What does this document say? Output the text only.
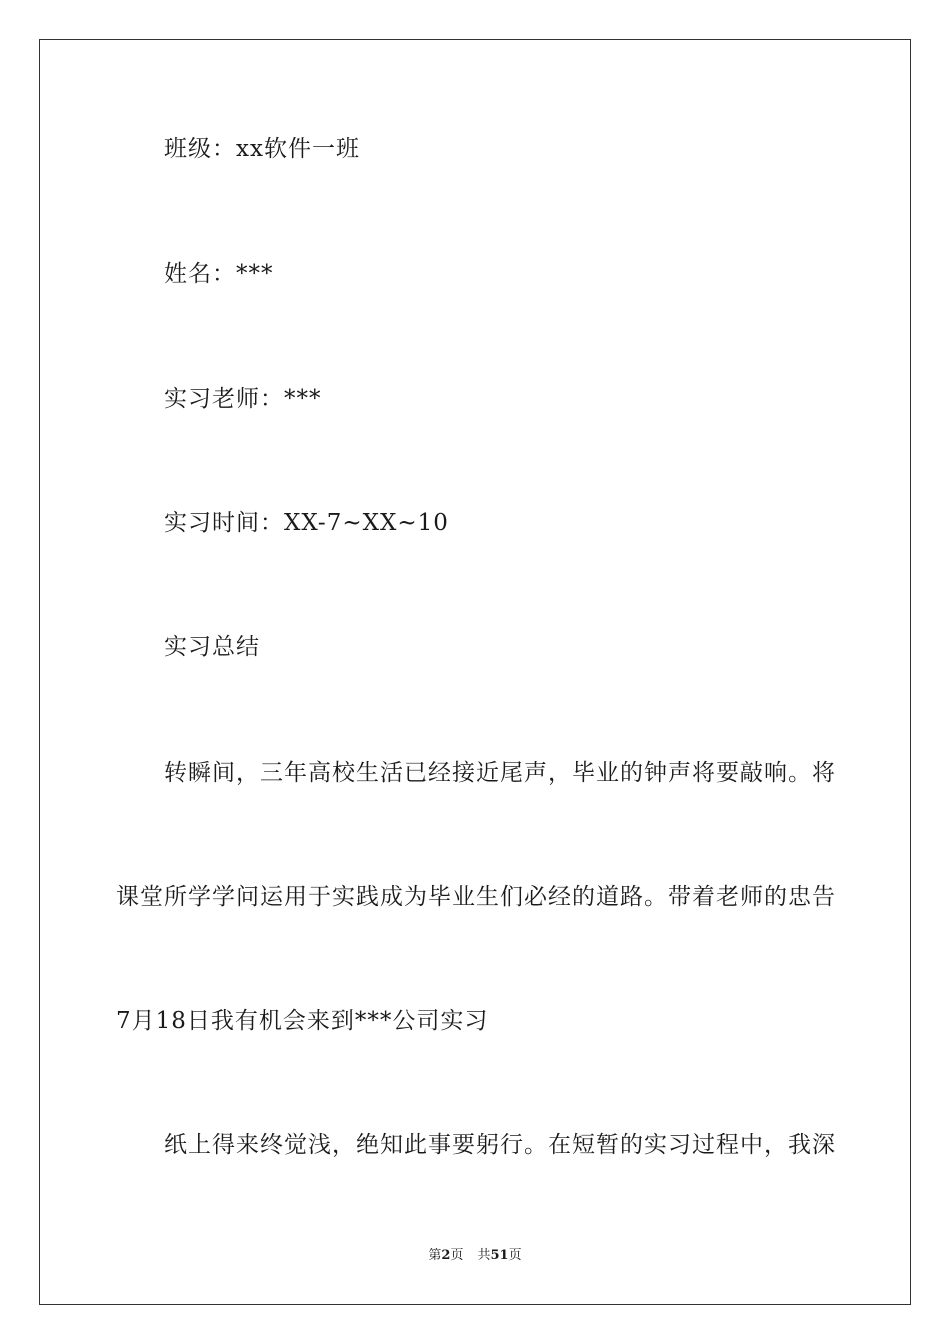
班级：xx软件一班
姓名：***
实习老师：***
实习时间：XX-7~XX~10
实习总结
转瞬间，三年高校生活已经接近尾声，毕业的钟声将要敲响。将
课堂所学学问运用于实践成为毕业生们必经的道路。带着老师的忠告
7月18日我有机会来到***公司实习
纸上得来终觉浅，绝知此事要躬行。在短暂的实习过程中，我深
第2页 共51页
